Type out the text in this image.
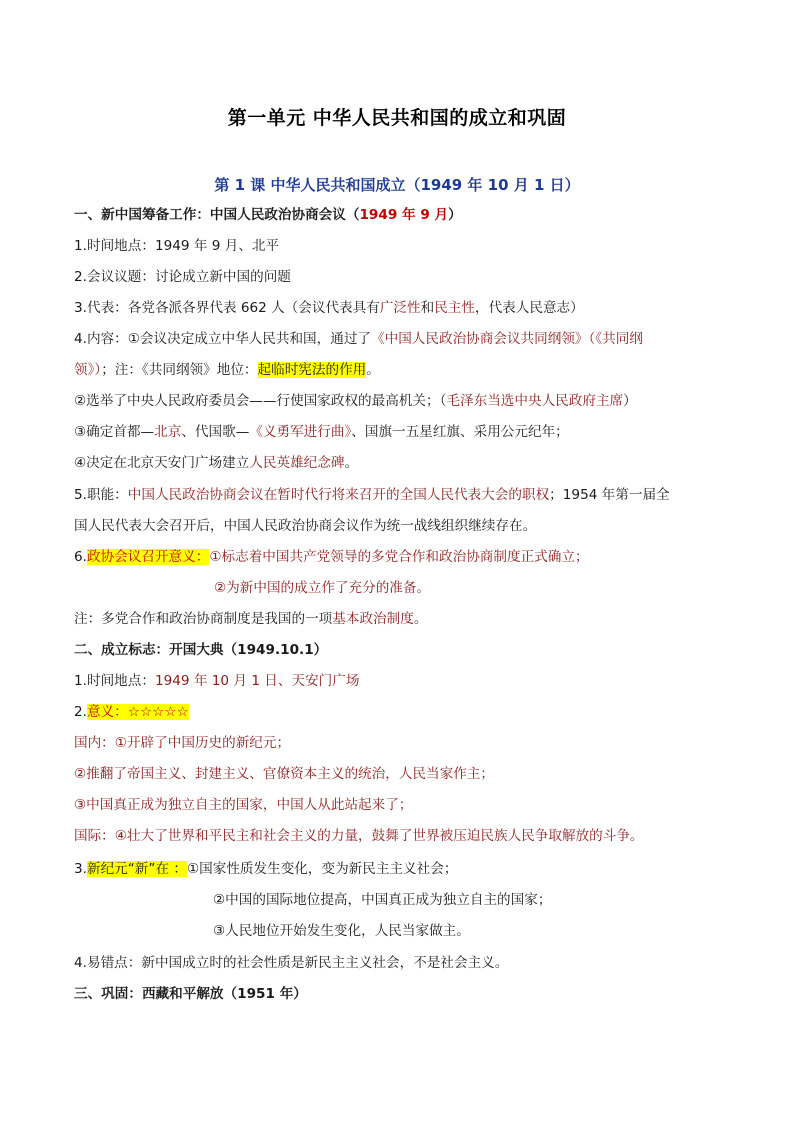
第一单元 中华人民共和国的成立和巩固
第 1 课 中华人民共和国成立（1949 年 10 月 1 日）
一、新中国筹备工作：中国人民政治协商会议（1949 年 9 月）
1.时间地点：1949 年 9 月、北平
2.会议议题：讨论成立新中国的问题
3.代表：各党各派各界代表 662 人（会议代表具有广泛性和民主性，代表人民意志）
4.内容：①会议决定成立中华人民共和国，通过了《中国人民政治协商会议共同纲领》（《共同纲
领》）；注：《共同纲领》地位：起临时宪法的作用。
②选举了中央人民政府委员会——行使国家政权的最高机关；（毛泽东当选中央人民政府主席）
③确定首都—北京、代国歌—《义勇军进行曲》、国旗一五星红旗、采用公元纪年；
④决定在北京天安门广场建立人民英雄纪念碑。
5.职能：中国人民政治协商会议在暂时代行将来召开的全国人民代表大会的职权；1954 年第一届全
国人民代表大会召开后，中国人民政治协商会议作为统一战线组织继续存在。
6.政协会议召开意义：①标志着中国共产党领导的多党合作和政治协商制度正式确立；
②为新中国的成立作了充分的准备。
注：多党合作和政治协商制度是我国的一项基本政治制度。
二、成立标志：开国大典（1949.10.1）
1.时间地点：1949 年 10 月 1 日、天安门广场
2.意义：☆☆☆☆☆
国内：①开辟了中国历史的新纪元；
②推翻了帝国主义、封建主义、官僚资本主义的统治，人民当家作主；
③中国真正成为独立自主的国家，中国人从此站起来了；
国际：④壮大了世界和平民主和社会主义的力量，鼓舞了世界被压迫民族人民争取解放的斗争。
3.新纪元“新”在 ：①国家性质发生变化，变为新民主主义社会；
②中国的国际地位提高，中国真正成为独立自主的国家；
③人民地位开始发生变化，人民当家做主。
4.易错点：新中国成立时的社会性质是新民主主义社会，不是社会主义。
三、巩固：西藏和平解放（1951 年）
